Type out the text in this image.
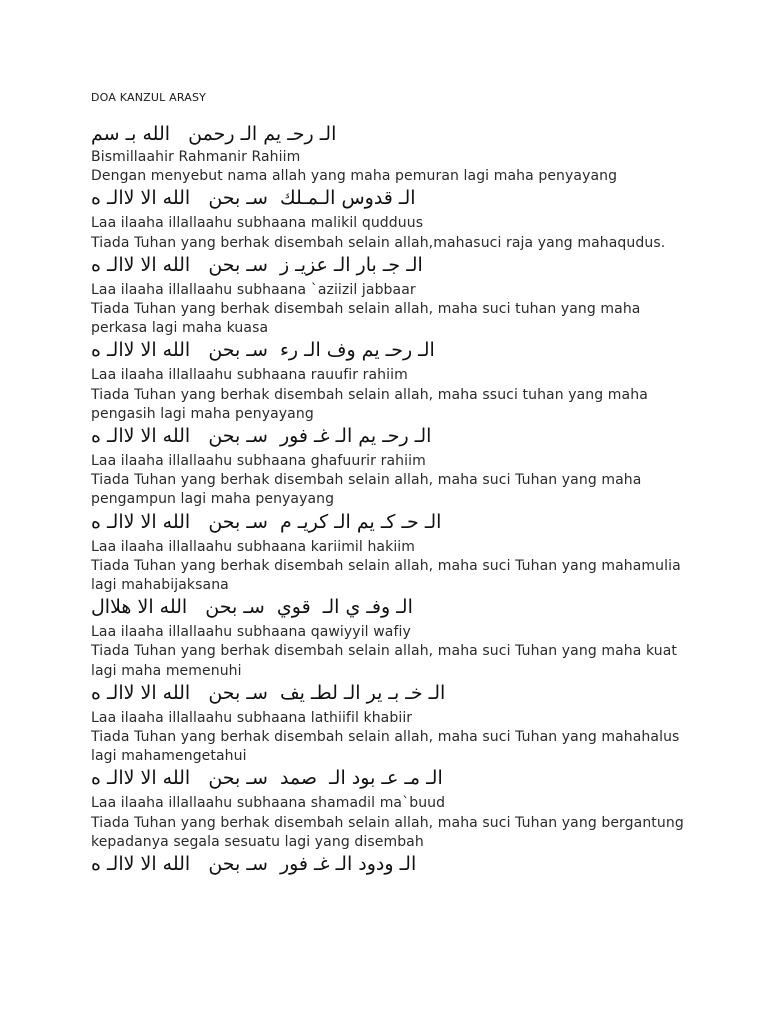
DOA KANZUL ARASY

الـ رحـ يم الـ رحمن   الله بـ سم

Bismillaahir Rahmanir Rahiim

Dengan menyebut nama allah yang maha pemuran lagi maha penyayang

الـ قدوس الـمـلك  سـ بحن   الله الا لاالـ ه

Laa ilaaha illallaahu subhaana malikil qudduus

Tiada Tuhan yang berhak disembah selain allah,mahasuci raja yang mahaqudus.

الـ جـ بار الـ عزيـ ز  سـ بحن   الله الا لاالـ ه

Laa ilaaha illallaahu subhaana `aziizil jabbaar

Tiada Tuhan yang berhak disembah selain allah, maha suci tuhan yang maha

perkasa lagi maha kuasa

الـ رحـ يم وف الـ رء  سـ بحن   الله الا لاالـ ه

Laa ilaaha illallaahu subhaana rauufir rahiim

Tiada Tuhan yang berhak disembah selain allah, maha ssuci tuhan yang maha

pengasih lagi maha penyayang

الـ رحـ يم الـ غـ فور  سـ بحن   الله الا لاالـ ه

Laa ilaaha illallaahu subhaana ghafuurir rahiim

Tiada Tuhan yang berhak disembah selain allah, maha suci Tuhan yang maha

pengampun lagi maha penyayang

الـ حـ كـ يم الـ كريـ م  سـ بحن   الله الا لاالـ ه

Laa ilaaha illallaahu subhaana kariimil hakiim

Tiada Tuhan yang berhak disembah selain allah, maha suci Tuhan yang mahamulia

lagi mahabijaksana

الـ وفـ ي الـ  قوي  سـ بحن   الله الا هلاال

Laa ilaaha illallaahu subhaana qawiyyil wafiy

Tiada Tuhan yang berhak disembah selain allah, maha suci Tuhan yang maha kuat

lagi maha memenuhi

الـ خـ بـ ير الـ لطـ يف  سـ بحن   الله الا لاالـ ه

Laa ilaaha illallaahu subhaana lathiifil khabiir

Tiada Tuhan yang berhak disembah selain allah, maha suci Tuhan yang mahahalus

lagi mahamengetahui

الـ مـ عـ بود الـ  صمد  سـ بحن   الله الا لاالـ ه

Laa ilaaha illallaahu subhaana shamadil ma`buud

Tiada Tuhan yang berhak disembah selain allah, maha suci Tuhan yang bergantung

kepadanya segala sesuatu lagi yang disembah

الـ ودود الـ غـ فور  سـ بحن   الله الا لاالـ ه
